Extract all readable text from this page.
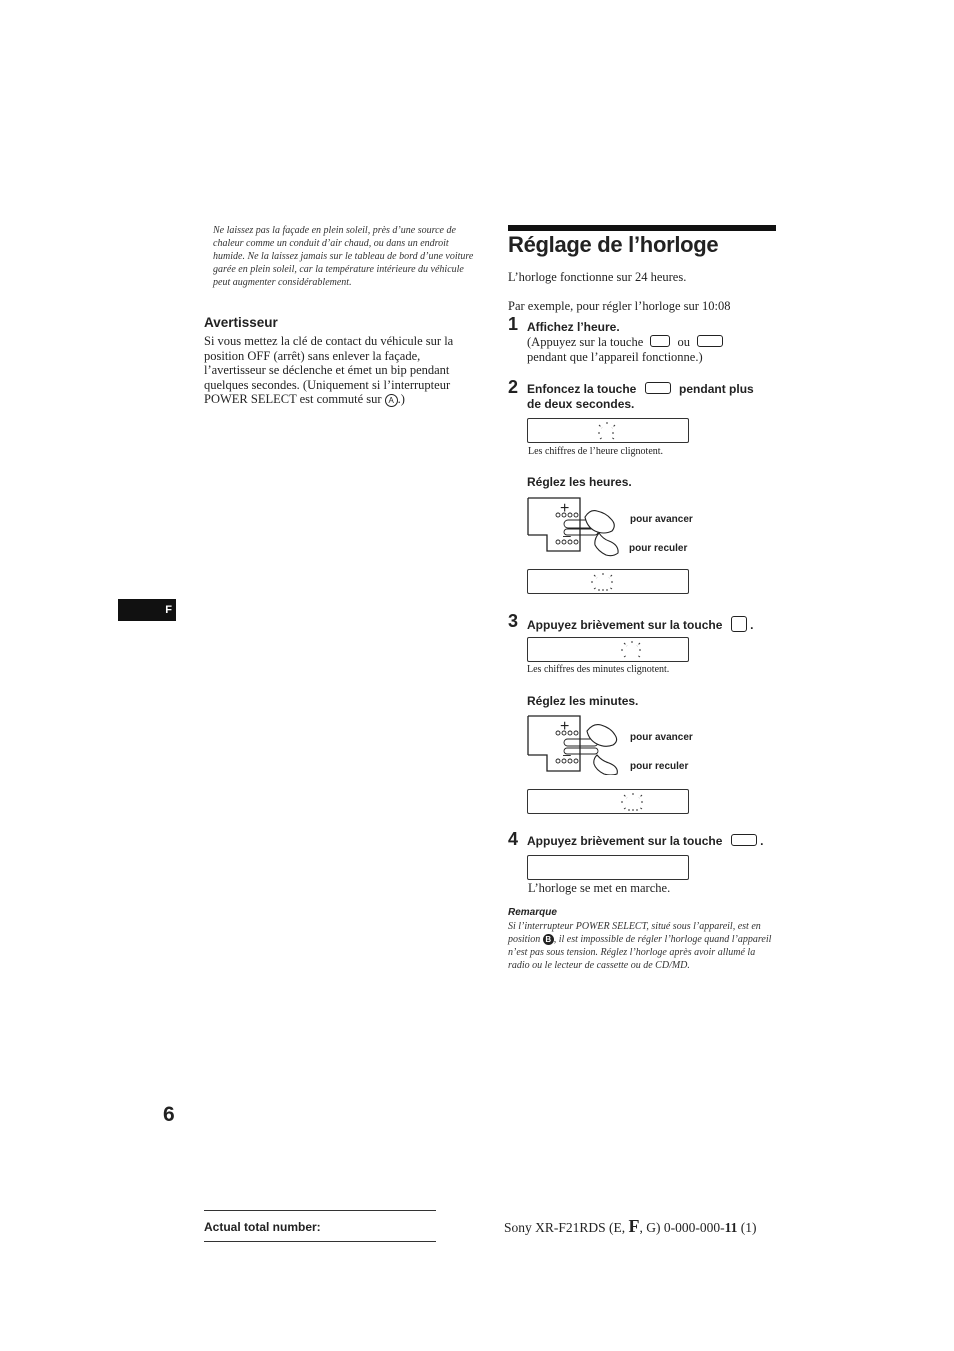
Ne laissez pas la façade en plein soleil, près d’une source de chaleur comme un conduit d’air chaud, ou dans un endroit humide. Ne la laissez jamais sur le tableau de bord d’une voiture garée en plein soleil, car la température intérieure du véhicule peut augmenter considérablement.
Avertisseur
Si vous mettez la clé de contact du véhicule sur la position OFF (arrêt) sans enlever la façade, l’avertisseur se déclenche et émet un bip pendant quelques secondes. (Uniquement si l’interrupteur POWER SELECT est commuté sur A .)
F
Réglage de l’horloge
L’horloge fonctionne sur 24 heures.
Par exemple, pour régler l’horloge sur 10:08
1 Affichez l’heure.
(Appuyez sur la touche	ou
pendant que l’appareil fonctionne.)
2 Enfoncez la touche	pendant plus
de deux secondes.
Les chiffres de l’heure clignotent.
Réglez les heures.
+
–
pour avancer
pour reculer
3 Appuyez brièvement sur la touche  .
Les chiffres des minutes clignotent.
Réglez les minutes.
+
–
pour avancer
pour reculer
4 Appuyez brièvement sur la touche	.
L’horloge se met en marche.
Remarque
Si l’interrupteur POWER SELECT, situé sous l’appareil, est en position B , il est impossible de régler l’horloge quand l’appareil n’est pas sous tension. Réglez l’horloge après avoir allumé la radio ou le lecteur de cassette ou de CD/MD.
6
Actual total number:	Sony XR-F21RDS (E, F, G) 0-000-000-11 (1)
